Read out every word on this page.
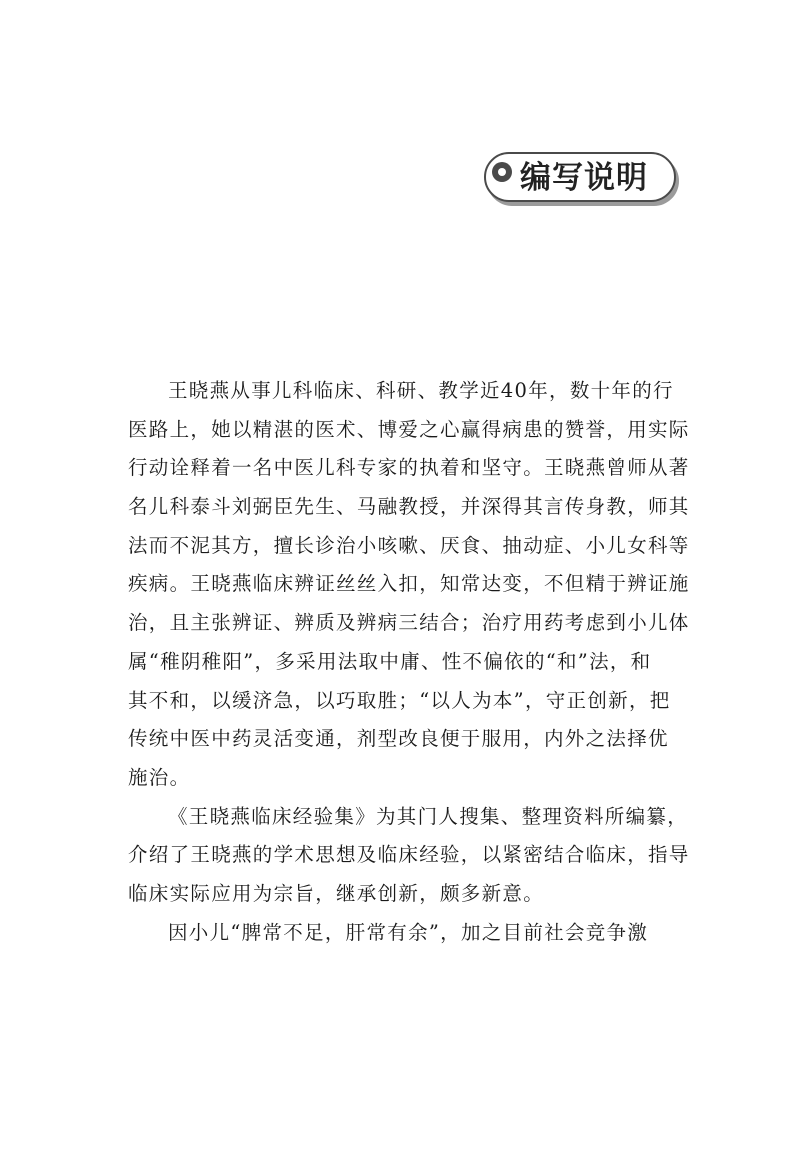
编写说明
王晓燕从事儿科临床、科研、教学近40年，数十年的行
医路上，她以精湛的医术、博爱之心赢得病患的赞誉，用实际
行动诠释着一名中医儿科专家的执着和坚守。王晓燕曾师从著
名儿科泰斗刘弼臣先生、马融教授，并深得其言传身教，师其
法而不泥其方，擅长诊治小咳嗽、厌食、抽动症、小儿女科等
疾病。王晓燕临床辨证丝丝入扣，知常达变，不但精于辨证施
治，且主张辨证、辨质及辨病三结合；治疗用药考虑到小儿体
属“稚阴稚阳”，多采用法取中庸、性不偏依的“和”法，和
其不和，以缓济急，以巧取胜；“以人为本”，守正创新，把
传统中医中药灵活变通，剂型改良便于服用，内外之法择优
施治。
《王晓燕临床经验集》为其门人搜集、整理资料所编纂，
介绍了王晓燕的学术思想及临床经验，以紧密结合临床，指导
临床实际应用为宗旨，继承创新，颇多新意。
因小儿“脾常不足，肝常有余”，加之目前社会竞争激
